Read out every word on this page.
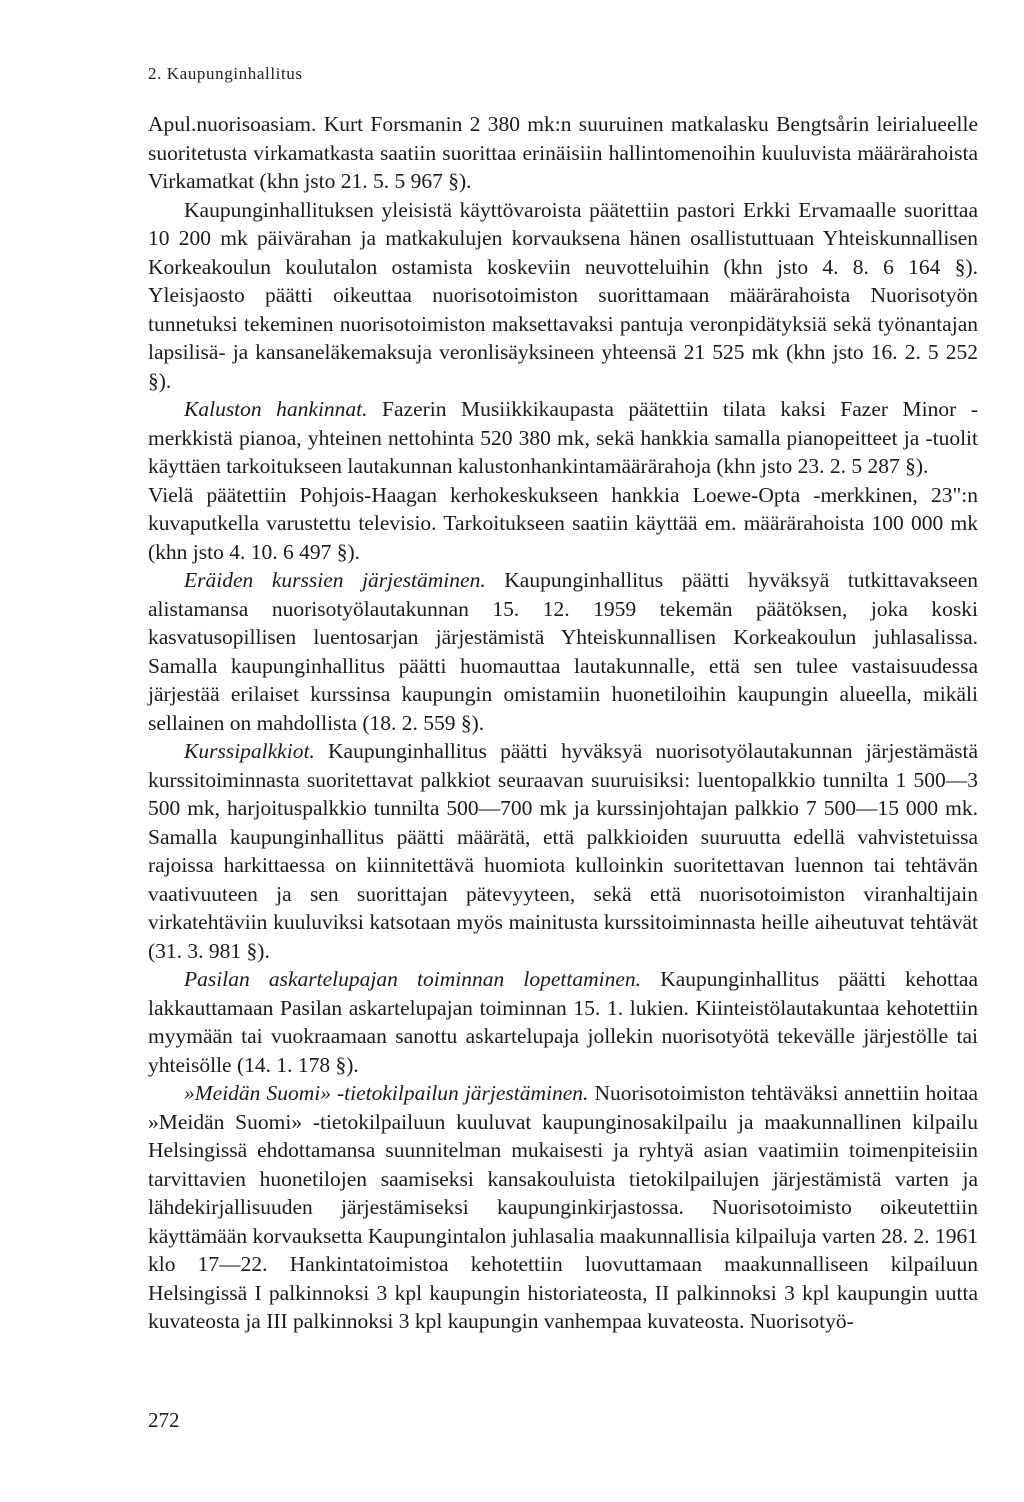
2. Kaupunginhallitus

Apul.nuorisoasiam. Kurt Forsmanin 2 380 mk:n suuruinen matkalasku Bengtsårin leirialueelle suoritetusta virkamatkasta saatiin suorittaa erinäisiin hallintomenoihin kuuluvista määrärahoista Virkamatkat (khn jsto 21. 5. 5 967 §).

Kaupunginhallituksen yleisistä käyttövaroista päätettiin pastori Erkki Ervamaalle suorittaa 10 200 mk päivärahan ja matkakulujen korvauksena hänen osallistuttuaan Yhteiskunnallisen Korkeakoulun koulutalon ostamista koskeviin neuvotteluihin (khn jsto 4. 8. 6 164 §). Yleisjaosto päätti oikeuttaa nuorisotoimiston suorittamaan määrärahoista Nuorisotyön tunnetuksi tekeminen nuorisotoimiston maksettavaksi pantuja veronpidätyksiä sekä työnantajan lapsilisä- ja kansaneläkemaksuja veronlisäyksineen yhteensä 21 525 mk (khn jsto 16. 2. 5 252 §).

Kaluston hankinnat. Fazerin Musiikkikaupasta päätettiin tilata kaksi Fazer Minor -merkkistä pianoa, yhteinen nettohinta 520 380 mk, sekä hankkia samalla pianopeitteet ja -tuolit käyttäen tarkoitukseen lautakunnan kalustonhankintamäärärahoja (khn jsto 23. 2. 5 287 §).

Vielä päätettiin Pohjois-Haagan kerhokeskukseen hankkia Loewe-Opta -merkkinen, 23":n kuvaputkella varustettu televisio. Tarkoitukseen saatiin käyttää em. määrärahoista 100 000 mk (khn jsto 4. 10. 6 497 §).

Eräiden kurssien järjestäminen. Kaupunginhallitus päätti hyväksyä tutkittavakseen alistamansa nuorisotyölautakunnan 15. 12. 1959 tekemän päätöksen, joka koski kasvatusopillisen luentosarjan järjestämistä Yhteiskunnallisen Korkeakoulun juhlasalissa. Samalla kaupunginhallitus päätti huomauttaa lautakunnalle, että sen tulee vastaisuudessa järjestää erilaiset kurssinsa kaupungin omistamiin huonetiloihin kaupungin alueella, mikäli sellainen on mahdollista (18. 2. 559 §).

Kurssipalkkiot. Kaupunginhallitus päätti hyväksyä nuorisotyölautakunnan järjestämästä kurssitoiminnasta suoritettavat palkkiot seuraavan suuruisiksi: luentopalkkio tunnilta 1 500—3 500 mk, harjoituspalkkio tunnilta 500—700 mk ja kurssinjohtajan palkkio 7 500—15 000 mk. Samalla kaupunginhallitus päätti määrätä, että palkkioiden suuruutta edellä vahvistetuissa rajoissa harkittaessa on kiinnitettävä huomiota kulloinkin suoritettavan luennon tai tehtävän vaativuuteen ja sen suorittajan pätevyyteen, sekä että nuorisotoimiston viranhaltijain virkatehtäviin kuuluviksi katsotaan myös mainitusta kurssitoiminnasta heille aiheutuvat tehtävät (31. 3. 981 §).

Pasilan askartelupajan toiminnan lopettaminen. Kaupunginhallitus päätti kehottaa lakkauttamaan Pasilan askartelupajan toiminnan 15. 1. lukien. Kiinteistölautakuntaa kehotettiin myymään tai vuokraamaan sanottu askartelupaja jollekin nuorisotyötä tekevälle järjestölle tai yhteisölle (14. 1. 178 §).

»Meidän Suomi» -tietokilpailun järjestäminen. Nuorisotoimiston tehtäväksi annettiin hoitaa »Meidän Suomi» -tietokilpailuun kuuluvat kaupunginosakilpailu ja maakunnallinen kilpailu Helsingissä ehdottamansa suunnitelman mukaisesti ja ryhtyä asian vaatimiin toimenpiteisiin tarvittavien huonetilojen saamiseksi kansakouluista tietokilpailujen järjestämistä varten ja lähdekirjallisuuden järjestämiseksi kaupunginkirjastossa. Nuorisotoimisto oikeutettiin käyttämään korvauksetta Kaupungintalon juhlasalia maakunnallisia kilpailuja varten 28. 2. 1961 klo 17—22. Hankintatoimistoa kehotettiin luovuttamaan maakunnalliseen kilpailuun Helsingissä I palkinnoksi 3 kpl kaupungin historiateosta, II palkinnoksi 3 kpl kaupungin uutta kuvateosta ja III palkinnoksi 3 kpl kaupungin vanhempaa kuvateosta. Nuorisotyö-

272
